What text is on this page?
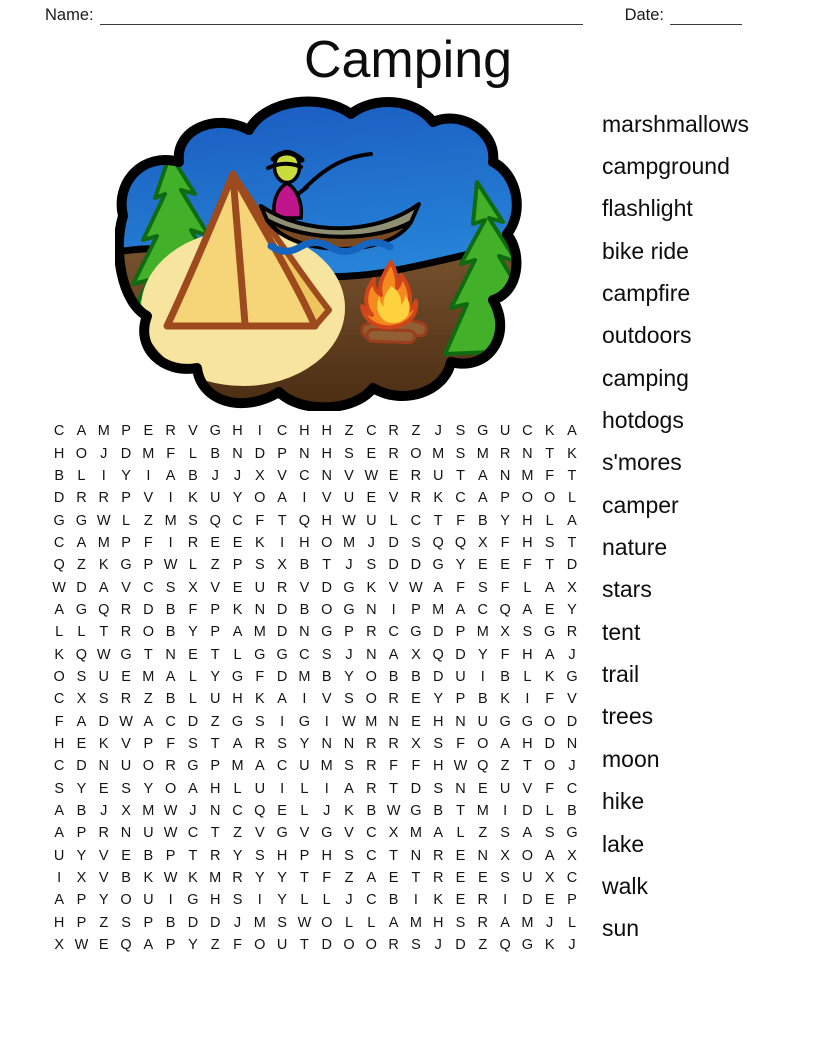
Name:	Date:
Camping
C A M P E R V G H	I	C H H Z C R Z J S G U C K A
H O J D M F L B N D P N H S E R O M S M R N T K
B L	I	Y	I	A B J	J X V C N V W E R U T A N M F T
D R R P V	I	K U Y O A	I	V U E V R K C A P O O L
G G W L Z M S Q C F T Q H W U L C T F B Y H L A
C A M P F	I	R E E K	I	H O M J D S Q Q X F H S T
Q Z K G P W L Z P S X B T J S D D G Y E E F T D
W D A V C S X V E U R V D G K V W A F S F L A X
A G Q R D B F P K N D B O G N	I	P M A C Q A E Y
L L T R O B Y P A M D N G P R C G D P M X S G R
K Q W G T N E T L G G C S J N A X Q D Y F H A J
O S U E M A L Y G F D M B Y O B B D U	I	B L K G
C X S R Z B L U H K A	I	V S O R E Y P B K	I	F V
F A D W A C D Z G S	I	G	I W M N E H N U G G O D
H E K V P F S T A R S Y N N R R X S F O A H D N
C D N U O R G P M A C U M S R F F H W Q Z T O J
S Y E S Y O A H L U	I	L	I	A R T D S N E U V F C
A B J X M W J N C Q E L	J K B W G B T M I	D L B
A P R N U W C T Z V G V G V C X M A L Z S A S G
U Y V E B P T R Y S H P H S C T N R E N X O A X
I	X V B K W K M R Y Y T F Z A E T R E E S U X C
A P Y O U	I	G H S	I	Y L L	J C B	I	K E R	I	D E P
H P Z S P B D D J M S W O L L A M H S R A M J	L
X W E Q A P Y Z F O U T D O O R S J D Z Q G K J
marshmallows
campground
flashlight
bike ride
campfire
outdoors
camping
hotdogs
s'mores
camper
nature
stars
tent
trail
trees
moon
hike
lake
walk
sun
